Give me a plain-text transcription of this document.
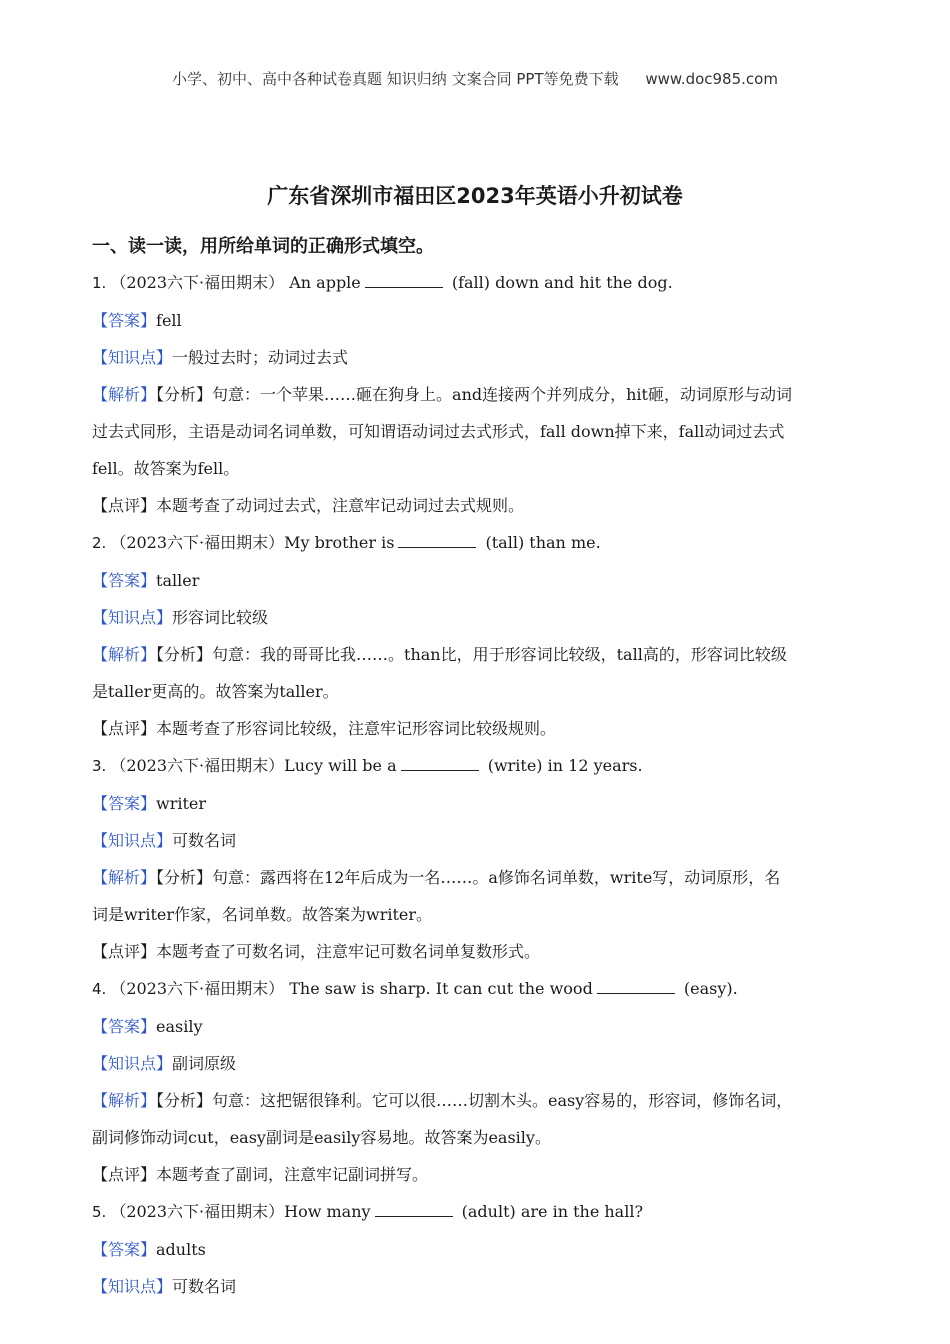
小学、初中、高中各种试卷真题 知识归纳 文案合同 PPT等免费下载 www.doc985.com
广东省深圳市福田区2023年英语小升初试卷
一、读一读，用所给单词的正确形式填空。

1. （2023六下·福田期末） An apple	(fall) down and hit the dog.

【答案】fell

【知识点】一般过去时；动词过去式

【解析】【分析】句意：一个苹果……砸在狗身上。and连接两个并列成分，hit砸，动词原形与动词
过去式同形，主语是动词名词单数，可知谓语动词过去式形式，fall down掉下来，fall动词过去式
fell。故答案为fell。

【点评】本题考查了动词过去式，注意牢记动词过去式规则。

2. （2023六下·福田期末）My brother is	(tall) than me.

【答案】taller

【知识点】形容词比较级

【解析】【分析】句意：我的哥哥比我……。than比，用于形容词比较级，tall高的，形容词比较级
是taller更高的。故答案为taller。

【点评】本题考查了形容词比较级，注意牢记形容词比较级规则。

3. （2023六下·福田期末）Lucy will be a	(write) in 12 years.

【答案】writer

【知识点】可数名词

【解析】【分析】句意：露西将在12年后成为一名……。a修饰名词单数，write写，动词原形，名
词是writer作家，名词单数。故答案为writer。

【点评】本题考查了可数名词，注意牢记可数名词单复数形式。

4. （2023六下·福田期末） The saw is sharp. It can cut the wood	(easy).

【答案】easily

【知识点】副词原级

【解析】【分析】句意：这把锯很锋利。它可以很……切割木头。easy容易的，形容词，修饰名词，
副词修饰动词cut，easy副词是easily容易地。故答案为easily。

【点评】本题考查了副词，注意牢记副词拼写。

5. （2023六下·福田期末）How many	(adult) are in the hall?

【答案】adults

【知识点】可数名词
